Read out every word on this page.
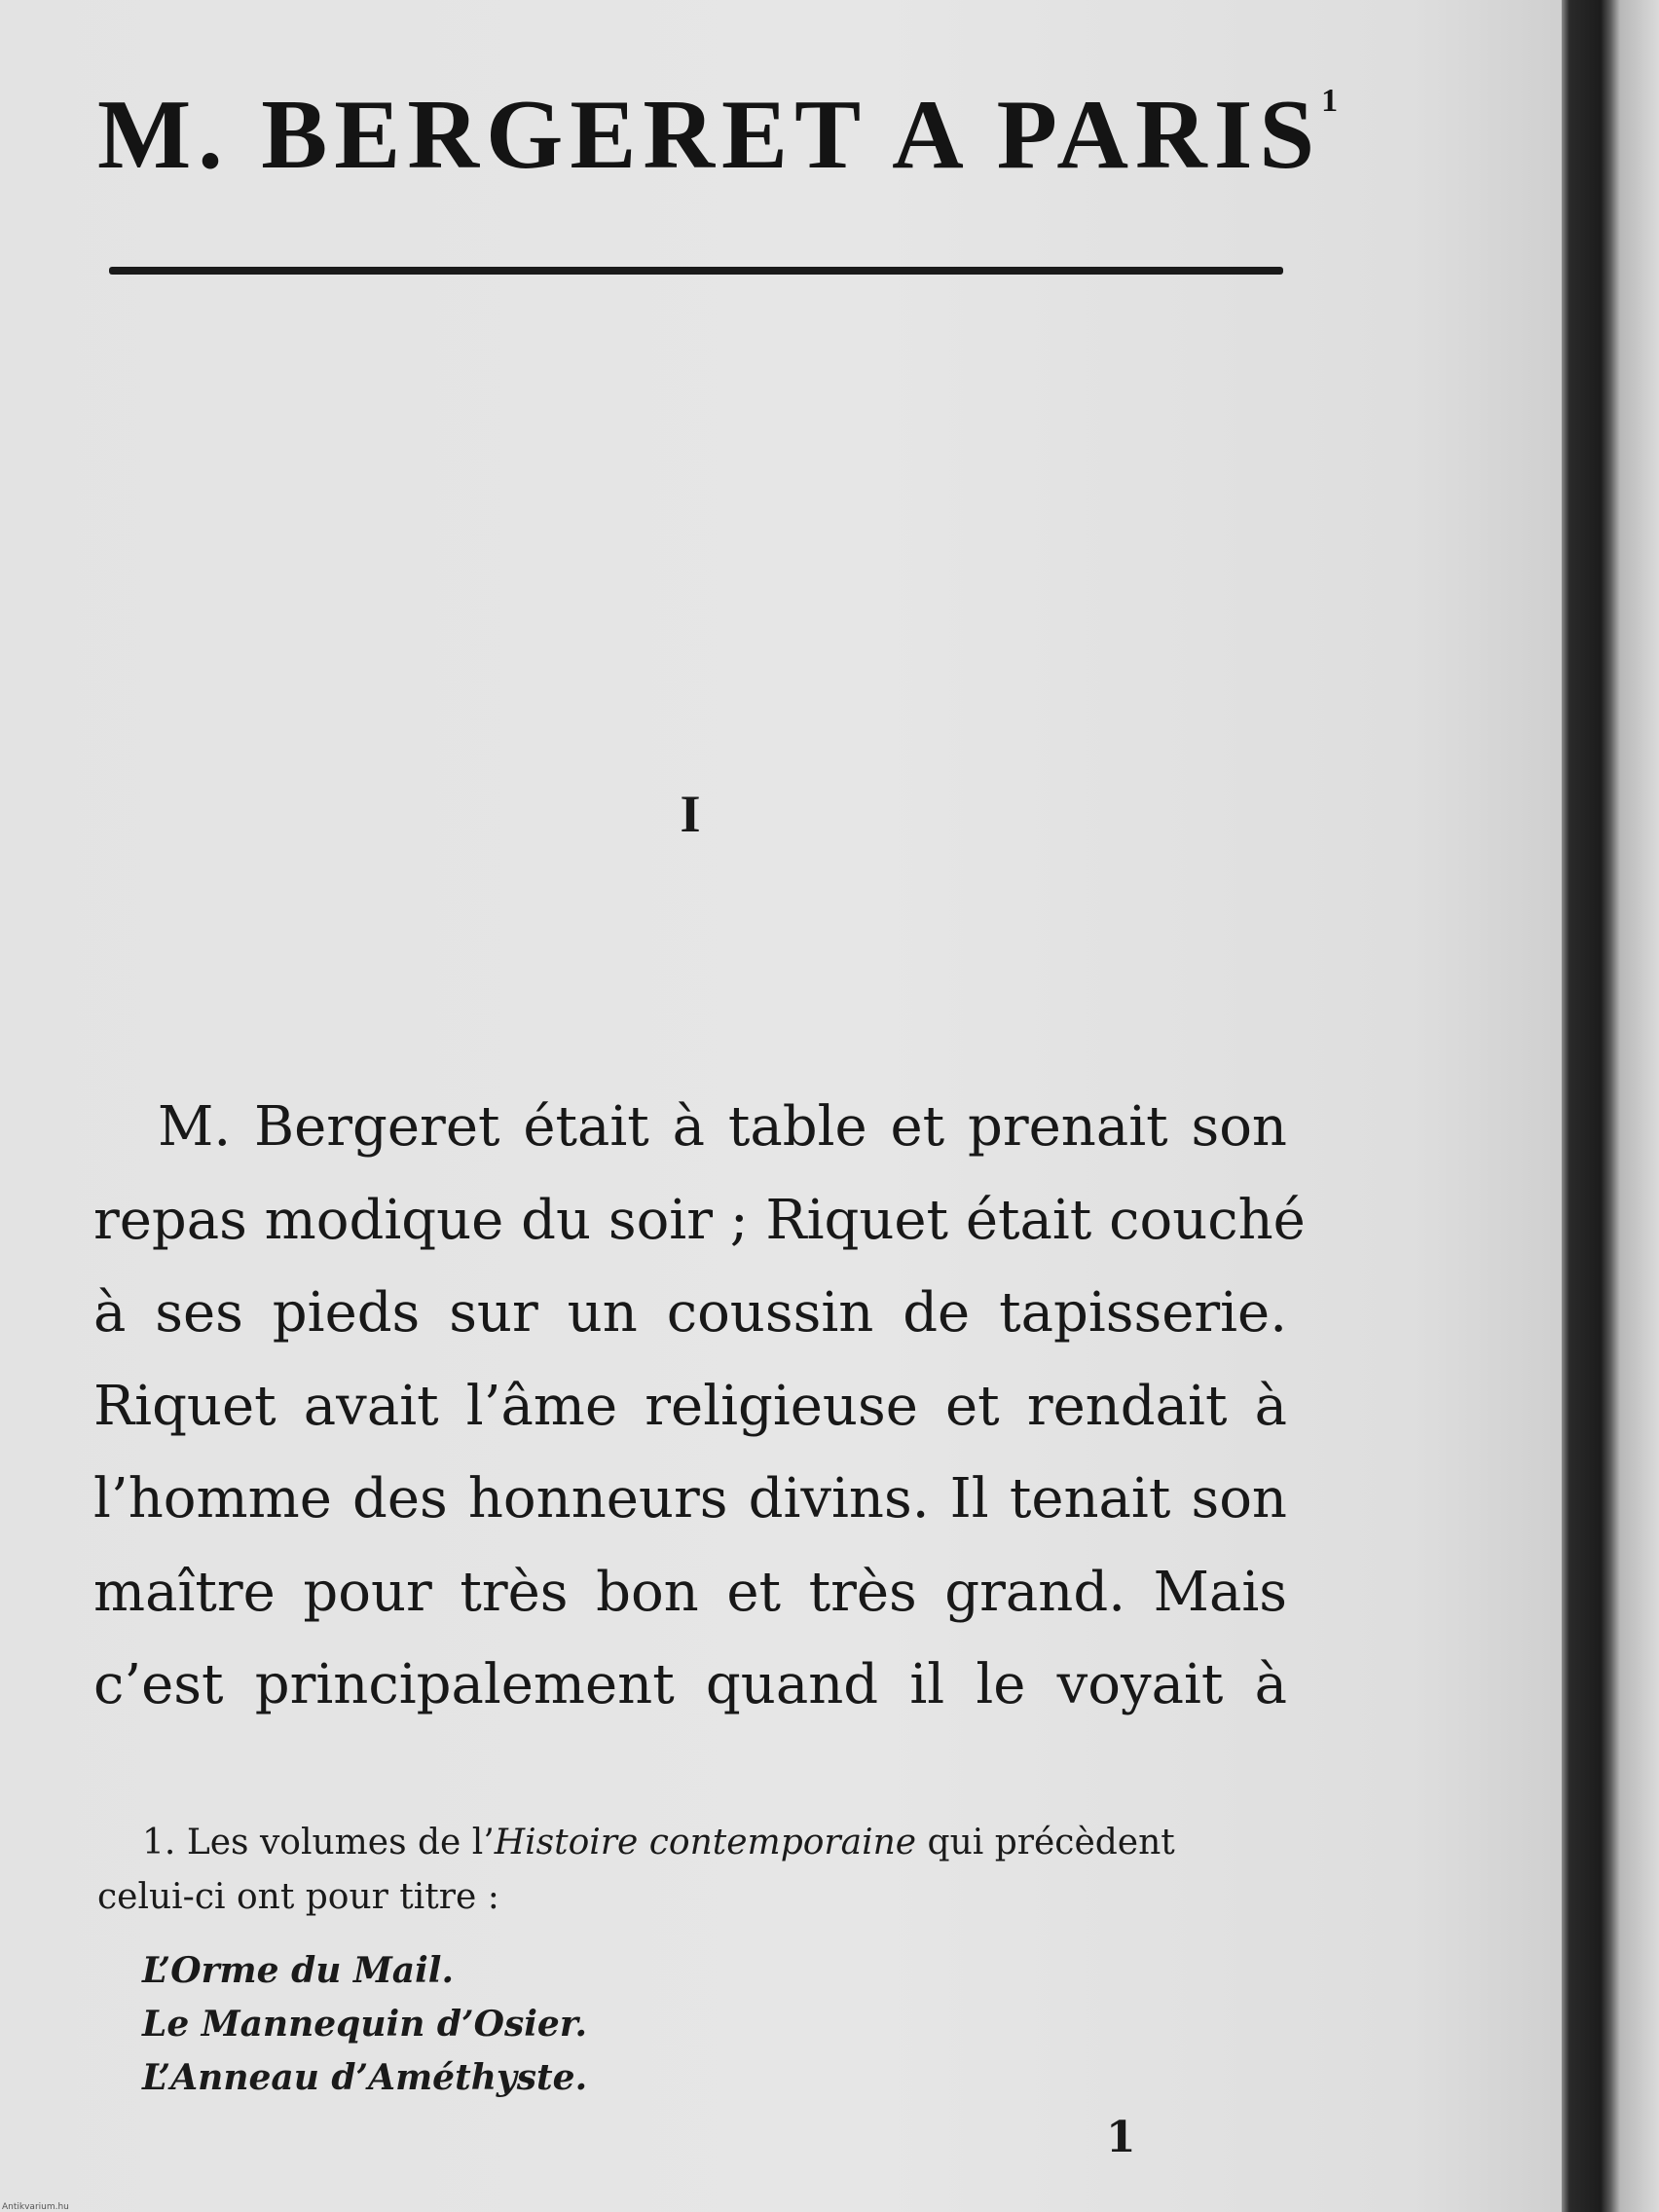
M. BERGERET A PARIS$^1$
I
M. Bergeret était à table et prenait son
repas modique du soir ; Riquet était couché
à ses pieds sur un coussin de tapisserie.
Riquet avait l’âme religieuse et rendait à
l’homme des honneurs divins. Il tenait son
maître pour très bon et très grand. Mais
c’est principalement quand il le voyait à
1. Les volumes de l’Histoire contemporaine qui précèdent
celui-ci ont pour titre :
L’Orme du Mail.
Le Mannequin d’Osier.
L’Anneau d’Améthyste.
1
Antikvarium.hu
